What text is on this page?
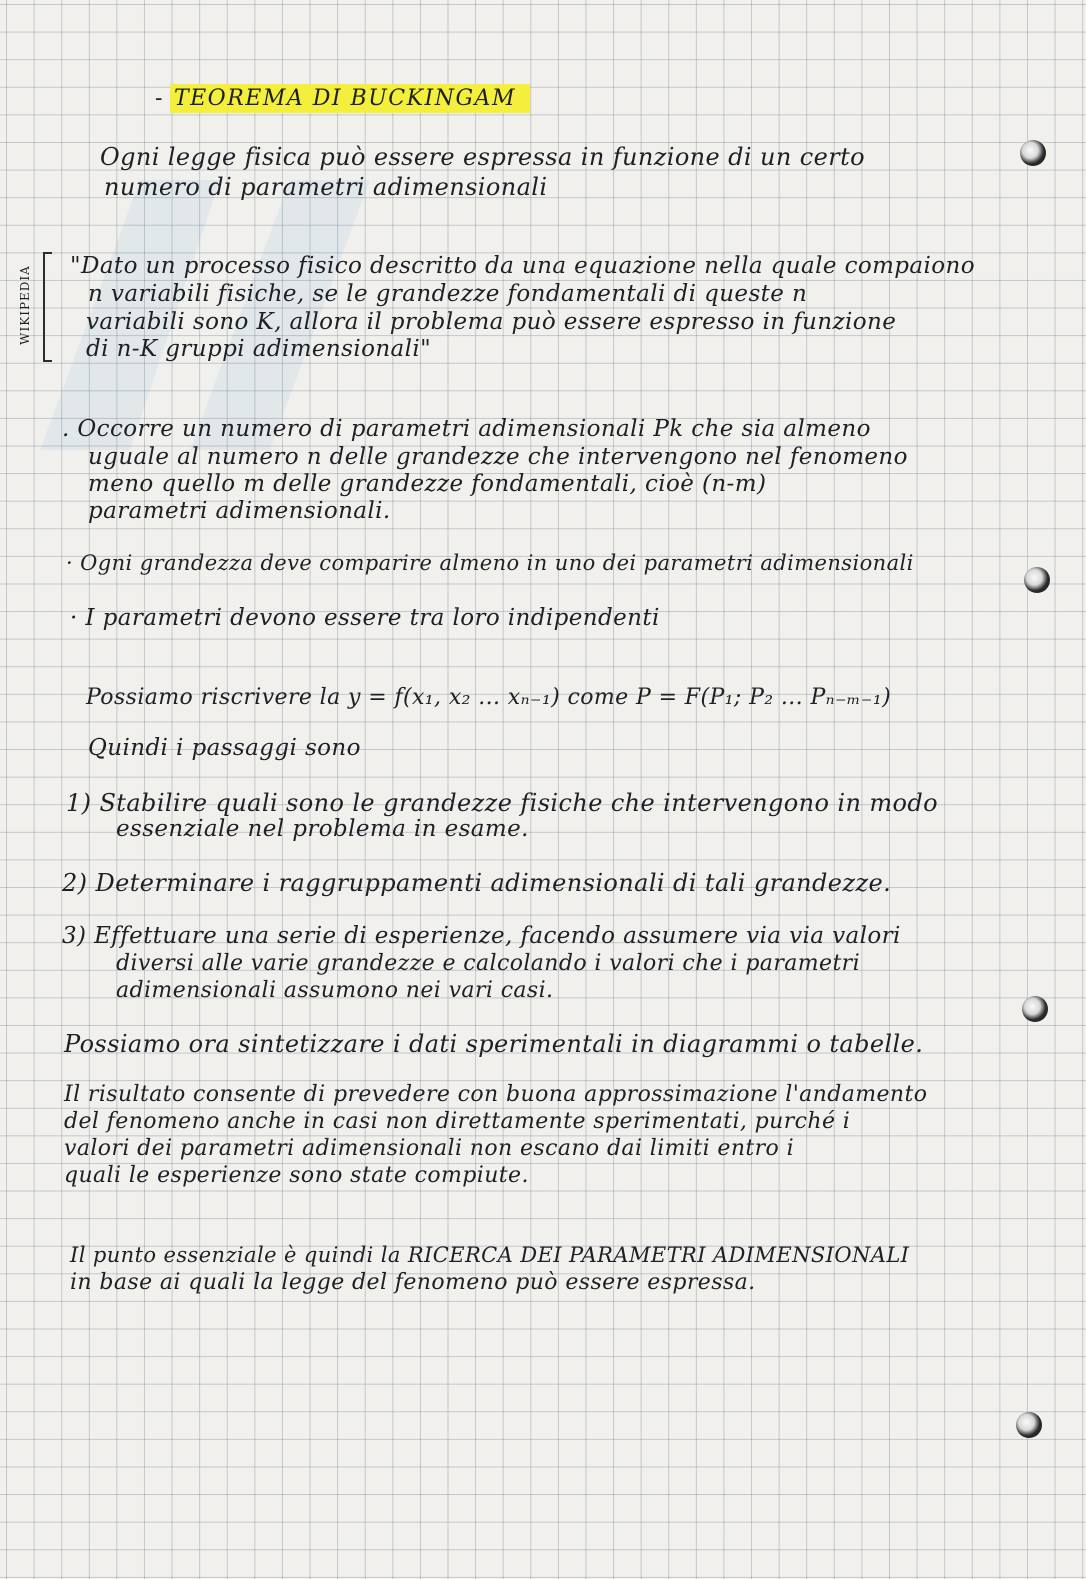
- TEOREMA DI BUCKINGAM
Ogni legge fisica può essere espressa in funzione di un certo
numero di parametri adimensionali
WIKIPEDIA "Dato un processo fisico descritto da una equazione nella quale compaiono
n variabili fisiche, se le grandezze fondamentali di queste n
variabili sono K, allora il problema può essere espresso in funzione
di n-K gruppi adimensionali"
. Occorre un numero di parametri adimensionali Pk che sia almeno
uguale al numero n delle grandezze che intervengono nel fenomeno
meno quello m delle grandezze fondamentali, cioè (n-m)
parametri adimensionali.
· Ogni grandezza deve comparire almeno in uno dei parametri adimensionali
· I parametri devono essere tra loro indipendenti
Possiamo riscrivere la y = f(x₁, x₂ ... xₙ₋₁) come P = F(P₁; P₂ ... Pₙ₋ₘ₋₁)
Quindi i passaggi sono
1) Stabilire quali sono le grandezze fisiche che intervengono in modo
essenziale nel problema in esame.
2) Determinare i raggruppamenti adimensionali di tali grandezze.
3) Effettuare una serie di esperienze, facendo assumere via via valori
diversi alle varie grandezze e calcolando i valori che i parametri
adimensionali assumono nei vari casi.
Possiamo ora sintetizzare i dati sperimentali in diagrammi o tabelle.
Il risultato consente di prevedere con buona approssimazione l'andamento
del fenomeno anche in casi non direttamente sperimentati, purché i
valori dei parametri adimensionali non escano dai limiti entro i
quali le esperienze sono state compiute.
Il punto essenziale è quindi la RICERCA DEI PARAMETRI ADIMENSIONALI
in base ai quali la legge del fenomeno può essere espressa.
